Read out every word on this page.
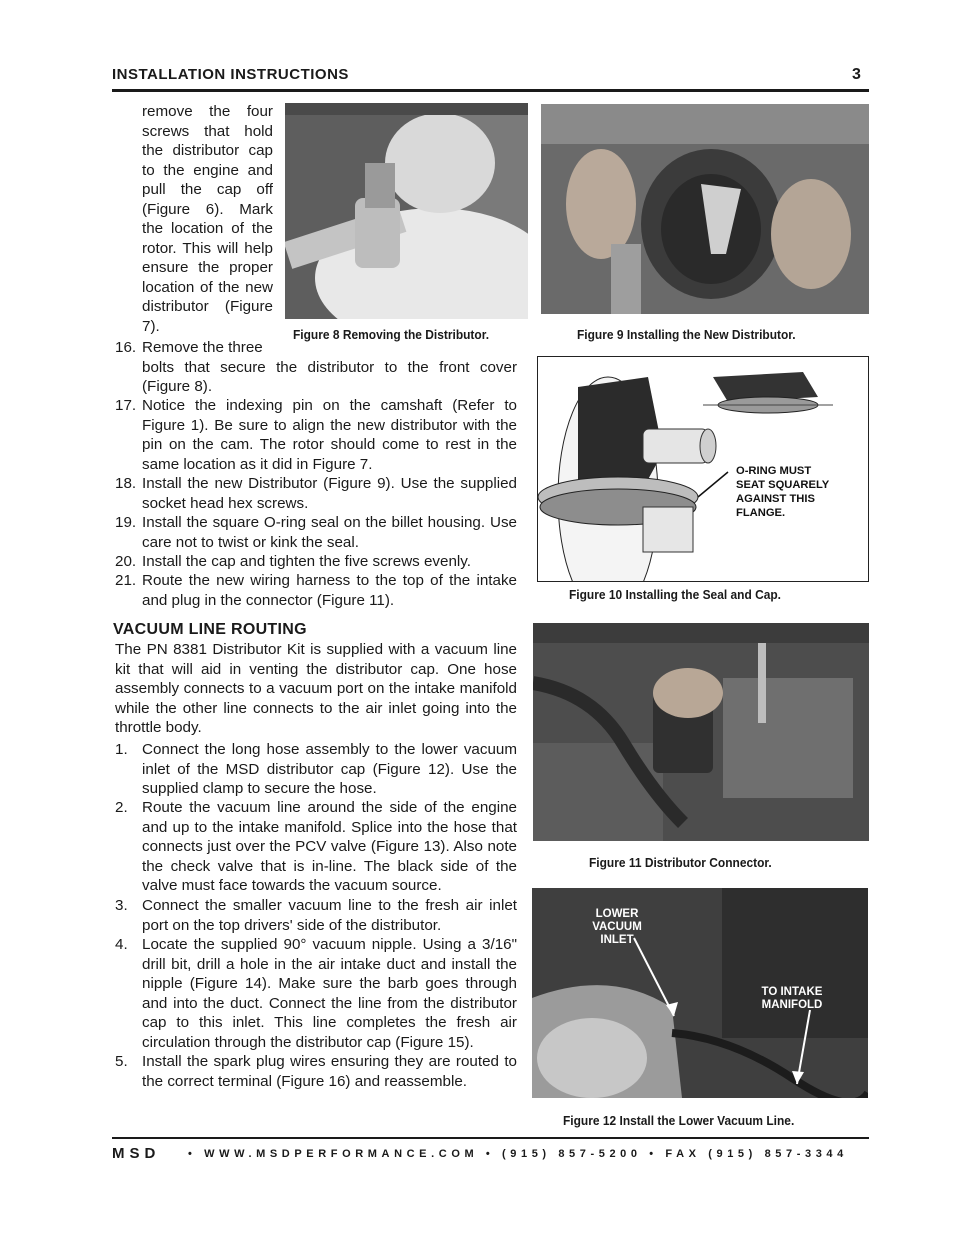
INSTALLATION INSTRUCTIONS	3
remove the four screws that hold the distributor cap to the engine and pull the cap off (Figure 6). Mark the location of the rotor. This will help ensure the proper location of the new distributor (Figure 7).
16. Remove the three
bolts that secure the distributor to the front cover (Figure 8).
17. Notice the indexing pin on the camshaft (Refer to Figure 1). Be sure to align the new distributor with the pin on the cam. The rotor should come to rest in the same location as it did in Figure 7.
18. Install the new Distributor (Figure 9). Use the supplied socket head hex screws.
19. Install the square O-ring seal on the billet housing. Use care not to twist or kink the seal.
20. Install the cap and tighten the five screws evenly.
21. Route the new wiring harness to the top of the intake and plug in the connector (Figure 11).
VACUUM LINE ROUTING
The PN 8381 Distributor Kit is supplied with a vacuum line kit that will aid in venting the distributor cap. One hose assembly connects to a vacuum port on the intake manifold while the other line connects to the air inlet going into the throttle body.
1. Connect the long hose assembly to the lower vacuum inlet of the MSD distributor cap (Figure 12). Use the supplied clamp to secure the hose.
2. Route the vacuum line around the side of the engine and up to the intake manifold. Splice into the hose that connects just over the PCV valve (Figure 13). Also note the check valve that is in-line. The black side of the valve must face towards the vacuum source.
3. Connect the smaller vacuum line to the fresh air inlet port on the top drivers' side of the distributor.
4. Locate the supplied 90° vacuum nipple. Using a 3/16" drill bit, drill a hole in the air intake duct and install the nipple (Figure 14). Make sure the barb goes through and into the duct. Connect the line from the distributor cap to this inlet. This line completes the fresh air circulation through the distributor cap (Figure 15).
5. Install the spark plug wires ensuring they are routed to the correct terminal (Figure 16) and reassemble.
Figure 8 Removing the Distributor.	Figure 9 Installing the New Distributor.
O-RING MUST
SEAT SQUARELY
AGAINST THIS
FLANGE.
Figure 10 Installing the Seal and Cap.
Figure 11 Distributor Connector.
LOWER VACUUM
INLET
TO INTAKE
MANIFOLD
Figure 12 Install the Lower Vacuum Line.
MSD	• WWW.MSDPERFORMANCE.COM • (915) 857-5200 • FAX (915) 857-3344
